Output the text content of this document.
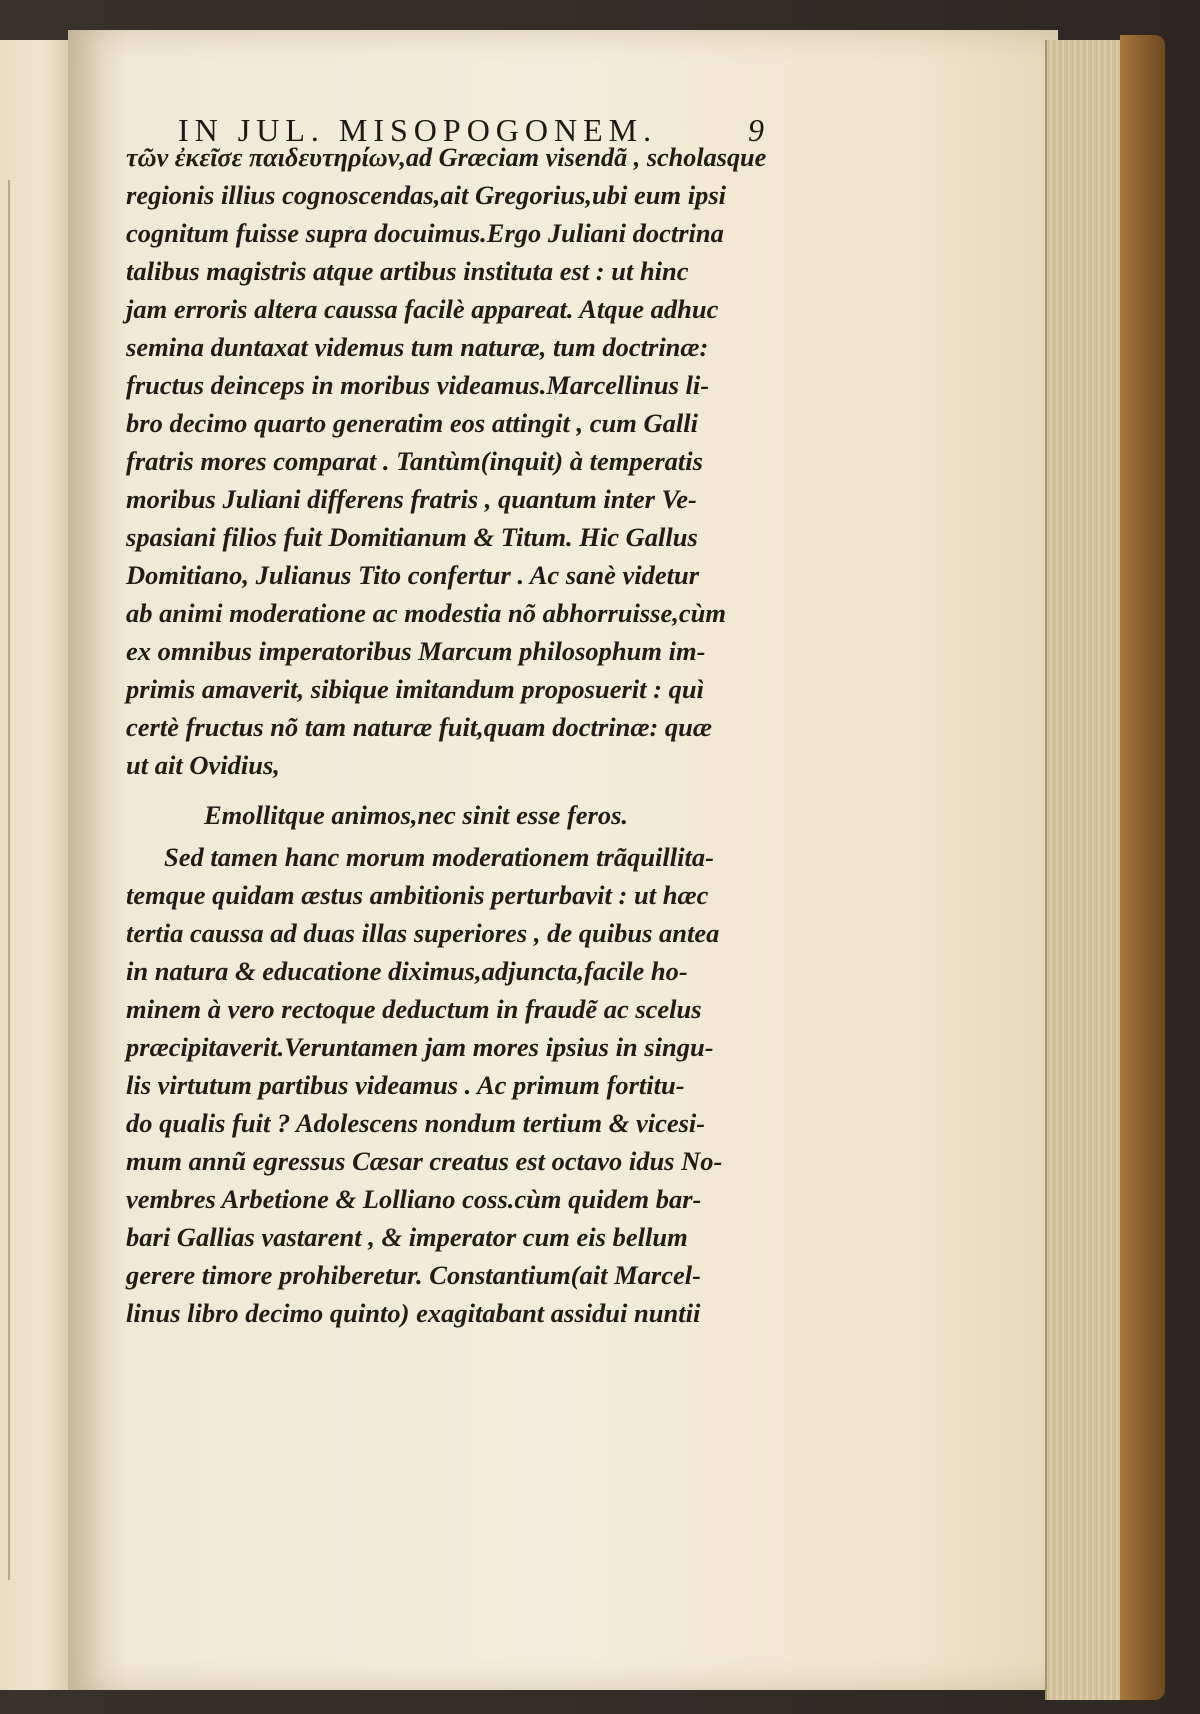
IN JUL. MISOPOGONEM.	9
τῶν ἐκεῖσε παιδευτηρίων,ad Græciam visendã , scholasque
regionis illius cognoscendas,ait Gregorius,ubi eum ipsi
cognitum fuisse supra docuimus.Ergo Juliani doctrina
talibus magistris atque artibus instituta est : ut hinc
jam erroris altera caussa facilè appareat. Atque adhuc
semina duntaxat videmus tum naturæ, tum doctrinæ:
fructus deinceps in moribus videamus.Marcellinus li-
bro decimo quarto generatim eos attingit , cum Galli
fratris mores comparat . Tantùm(inquit) à temperatis
moribus Juliani differens fratris , quantum inter Ve-
spasiani filios fuit Domitianum & Titum. Hic Gallus
Domitiano, Julianus Tito confertur . Ac sanè videtur
ab animi moderatione ac modestia nõ abhorruisse,cùm
ex omnibus imperatoribus Marcum philosophum im-
primis amaverit, sibique imitandum proposuerit : quì
certè fructus nõ tam naturæ fuit,quam doctrinæ: quæ
ut ait Ovidius,
Emollitque animos,nec sinit esse feros.
Sed tamen hanc morum moderationem trãquillita-
temque quidam æstus ambitionis perturbavit : ut hæc
tertia caussa ad duas illas superiores , de quibus antea
in natura & educatione diximus,adjuncta,facile ho-
minem à vero rectoque deductum in fraudẽ ac scelus
præcipitaverit.Veruntamen jam mores ipsius in singu-
lis virtutum partibus videamus . Ac primum fortitu-
do qualis fuit ? Adolescens nondum tertium & vicesi-
mum annũ egressus Cæsar creatus est octavo idus No-
vembres Arbetione & Lolliano coss.cùm quidem bar-
bari Gallias vastarent , & imperator cum eis bellum
gerere timore prohiberetur. Constantium(ait Marcel-
linus libro decimo quinto) exagitabant assidui nuntii
